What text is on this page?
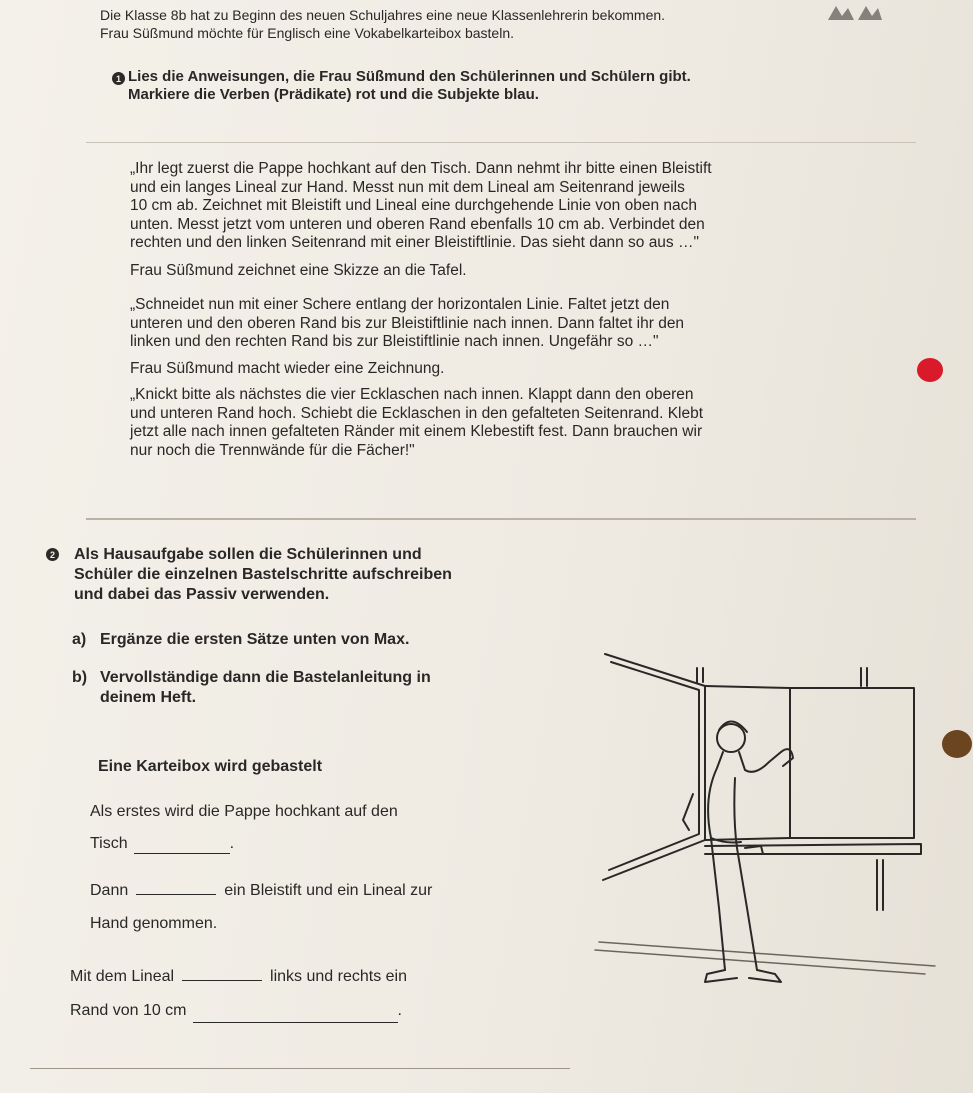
Die Klasse 8b hat zu Beginn des neuen Schuljahres eine neue Klassenlehrerin bekommen.
Frau Süßmund möchte für Englisch eine Vokabelkarteibox basteln.
1 Lies die Anweisungen, die Frau Süßmund den Schülerinnen und Schülern gibt.
Markiere die Verben (Prädikate) rot und die Subjekte blau.
„Ihr legt zuerst die Pappe hochkant auf den Tisch. Dann nehmt ihr bitte einen Bleistift
und ein langes Lineal zur Hand. Messt nun mit dem Lineal am Seitenrand jeweils
10 cm ab. Zeichnet mit Bleistift und Lineal eine durchgehende Linie von oben nach
unten. Messt jetzt vom unteren und oberen Rand ebenfalls 10 cm ab. Verbindet den
rechten und den linken Seitenrand mit einer Bleistiftlinie. Das sieht dann so aus …"
Frau Süßmund zeichnet eine Skizze an die Tafel.
„Schneidet nun mit einer Schere entlang der horizontalen Linie. Faltet jetzt den
unteren und den oberen Rand bis zur Bleistiftlinie nach innen. Dann faltet ihr den
linken und den rechten Rand bis zur Bleistiftlinie nach innen. Ungefähr so …"
Frau Süßmund macht wieder eine Zeichnung.
„Knickt bitte als nächstes die vier Ecklaschen nach innen. Klappt dann den oberen
und unteren Rand hoch. Schiebt die Ecklaschen in den gefalteten Seitenrand. Klebt
jetzt alle nach innen gefalteten Ränder mit einem Klebestift fest. Dann brauchen wir
nur noch die Trennwände für die Fächer!"
2 Als Hausaufgabe sollen die Schülerinnen und
Schüler die einzelnen Bastelschritte aufschreiben
und dabei das Passiv verwenden.
a) Ergänze die ersten Sätze unten von Max.
b) Vervollständige dann die Bastelanleitung in
deinem Heft.
Eine Karteibox wird gebastelt
Als erstes wird die Pappe hochkant auf den
Tisch	.
Dann	ein Bleistift und ein Lineal zur
Hand genommen.
Mit dem Lineal	links und rechts ein
Rand von 10 cm	.
